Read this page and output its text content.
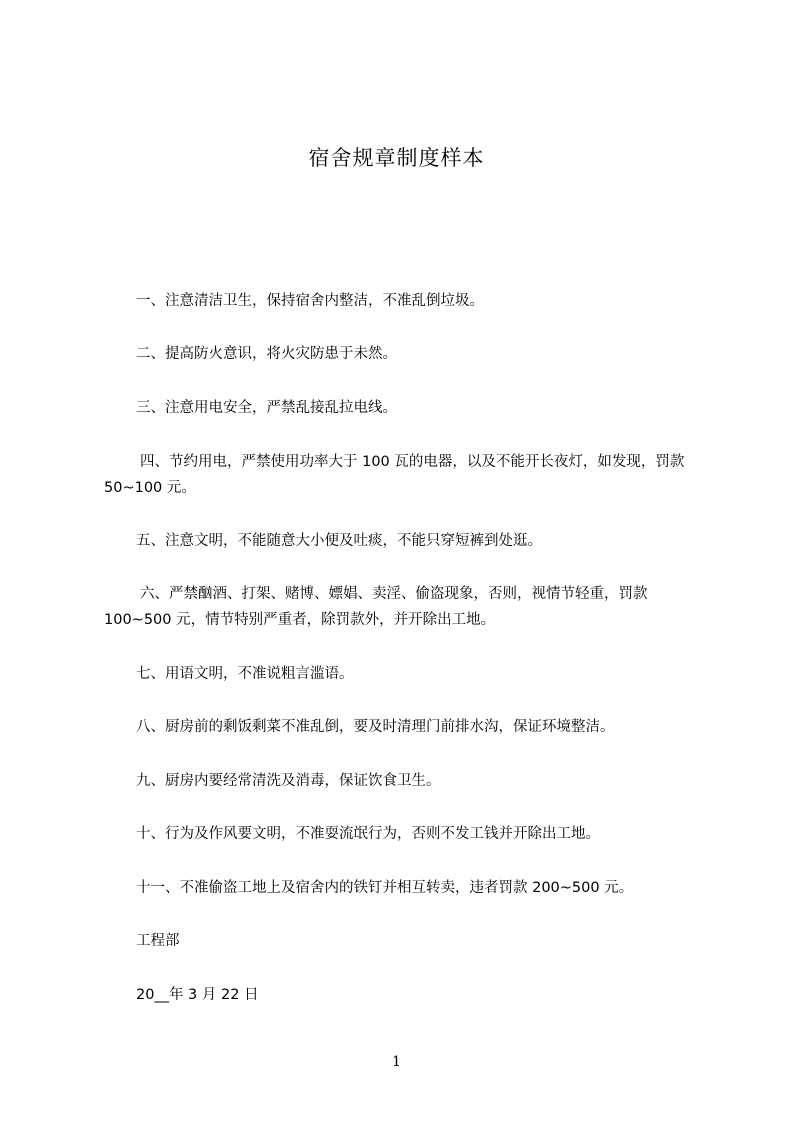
宿舍规章制度样本
一、注意清洁卫生，保持宿舍内整洁，不准乱倒垃圾。
二、提高防火意识，将火灾防患于未然。
三、注意用电安全，严禁乱接乱拉电线。
四、节约用电，严禁使用功率大于 100 瓦的电器，以及不能开长夜灯，如发现，罚款 50~100 元。
五、注意文明，不能随意大小便及吐痰，不能只穿短裤到处逛。
六、严禁酗酒、打架、赌博、嫖娼、卖淫、偷盗现象，否则，视情节轻重，罚款 100~500 元，情节特别严重者，除罚款外，并开除出工地。
七、用语文明，不准说粗言滥语。
八、厨房前的剩饭剩菜不准乱倒，要及时清理门前排水沟，保证环境整洁。
九、厨房内要经常清洗及消毒，保证饮食卫生。
十、行为及作风要文明，不准耍流氓行为，否则不发工钱并开除出工地。
十一、不准偷盗工地上及宿舍内的铁钉并相互转卖，违者罚款 200~500 元。
工程部
20__年 3 月 22 日
1
